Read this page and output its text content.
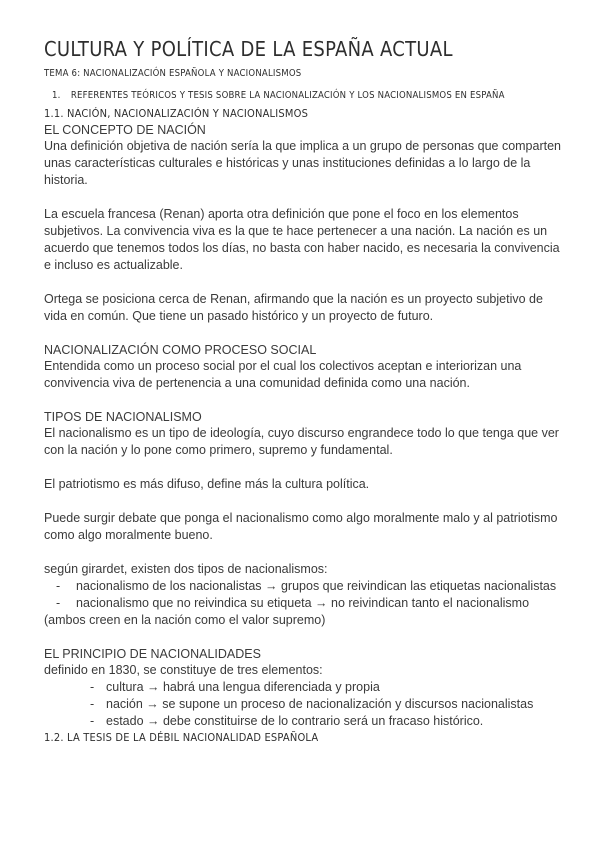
CULTURA Y POLÍTICA DE LA ESPAÑA ACTUAL
TEMA 6: NACIONALIZACIÓN ESPAÑOLA Y NACIONALISMOS
1. REFERENTES TEÓRICOS Y TESIS SOBRE LA NACIONALIZACIÓN Y LOS NACIONALISMOS EN ESPAÑA
1.1. NACIÓN, NACIONALIZACIÓN Y NACIONALISMOS
EL CONCEPTO DE NACIÓN

Una definición objetiva de nación sería la que implica a un grupo de personas que comparten unas características culturales e históricas y unas instituciones definidas a lo largo de la historia.

La escuela francesa (Renan) aporta otra definición que pone el foco en los elementos subjetivos. La convivencia viva es la que te hace pertenecer a una nación. La nación es un acuerdo que tenemos todos los días, no basta con haber nacido, es necesaria la convivencia e incluso es actualizable.

Ortega se posiciona cerca de Renan, afirmando que la nación es un proyecto subjetivo de vida en común. Que tiene un pasado histórico y un proyecto de futuro.

NACIONALIZACIÓN COMO PROCESO SOCIAL

Entendida como un proceso social por el cual los colectivos aceptan e interiorizan una convivencia viva de pertenencia a una comunidad definida como una nación.

TIPOS DE NACIONALISMO

El nacionalismo es un tipo de ideología, cuyo discurso engrandece todo lo que tenga que ver con la nación y lo pone como primero, supremo y fundamental.

El patriotismo es más difuso, define más la cultura política.

Puede surgir debate que ponga el nacionalismo como algo moralmente malo y al patriotismo como algo moralmente bueno.

según girardet, existen dos tipos de nacionalismos:

- nacionalismo de los nacionalistas → grupos que reivindican las etiquetas nacionalistas
- nacionalismo que no reivindica su etiqueta → no reivindican tanto el nacionalismo

(ambos creen en la nación como el valor supremo)

EL PRINCIPIO DE NACIONALIDADES

definido en 1830, se constituye de tres elementos:

- cultura → habrá una lengua diferenciada y propia
- nación → se supone un proceso de nacionalización y discursos nacionalistas
- estado → debe constituirse de lo contrario será un fracaso histórico.
1.2. LA TESIS DE LA DÉBIL NACIONALIDAD ESPAÑOLA
